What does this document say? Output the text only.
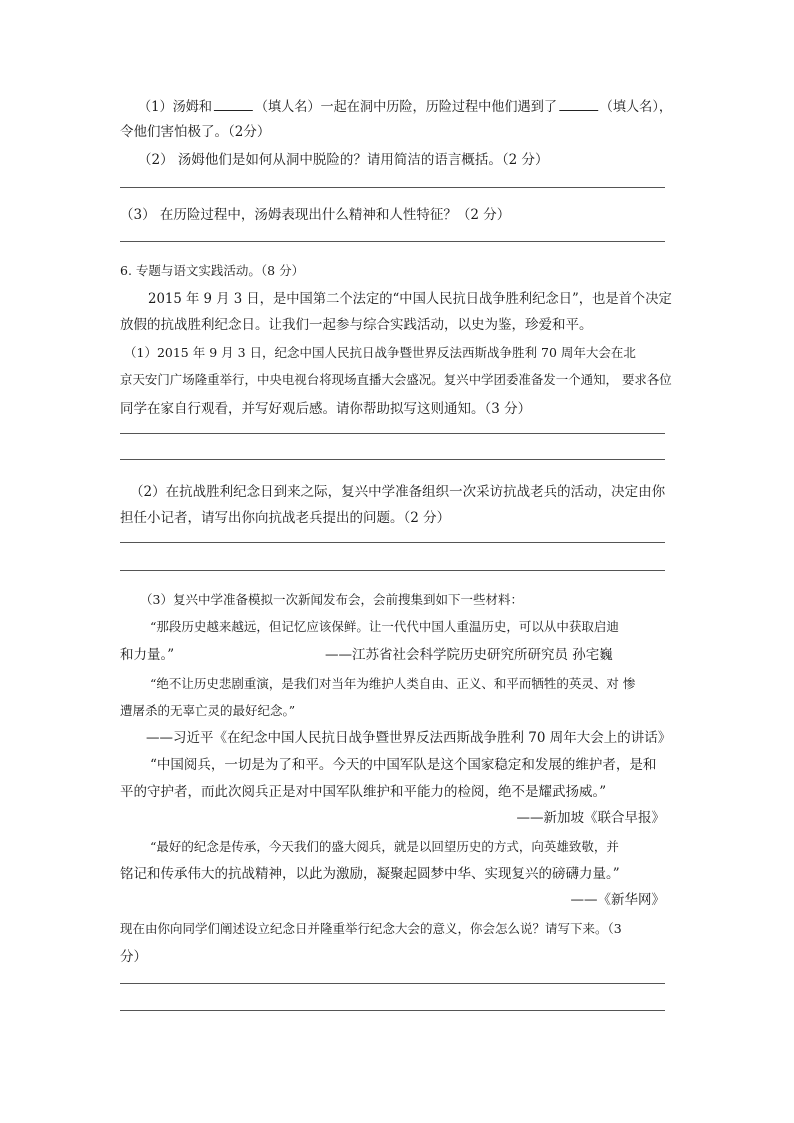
（1）汤姆和	（填人名）一起在洞中历险，历险过程中他们遇到了	（填人名），
令他们害怕极了。（2分）
（2） 汤姆他们是如何从洞中脱险的？请用简洁的语言概括。（2 分）
（3） 在历险过程中，汤姆表现出什么精神和人性特征？（2 分）
6. 专题与语文实践活动。（8 分）
2015 年 9 月 3 日，是中国第二个法定的“中国人民抗日战争胜利纪念日”，也是首个决定
放假的抗战胜利纪念日。让我们一起参与综合实践活动，以史为鉴，珍爱和平。
（1）2015 年 9 月 3 日，纪念中国人民抗日战争暨世界反法西斯战争胜利 70 周年大会在北
京天安门广场隆重举行，中央电视台将现场直播大会盛况。复兴中学团委准备发一个通知， 要求各位
同学在家自行观看，并写好观后感。请你帮助拟写这则通知。（3 分）
（2）在抗战胜利纪念日到来之际，复兴中学准备组织一次采访抗战老兵的活动，决定由你
担任小记者，请写出你向抗战老兵提出的问题。（2 分）
（3）复兴中学准备模拟一次新闻发布会，会前搜集到如下一些材料：
“那段历史越来越远，但记忆应该保鲜。让一代代中国人重温历史，可以从中获取启迪
和力量。”	——江苏省社会科学院历史研究所研究员 孙宅巍
“绝不让历史悲剧重演，是我们对当年为维护人类自由、正义、和平而牺牲的英灵、对 惨
遭屠杀的无辜亡灵的最好纪念。”
——习近平《在纪念中国人民抗日战争暨世界反法西斯战争胜利 70 周年大会上的讲话》
“中国阅兵，一切是为了和平。今天的中国军队是这个国家稳定和发展的维护者，是和
平的守护者，而此次阅兵正是对中国军队维护和平能力的检阅，绝不是耀武扬威。”
——新加坡《联合早报》
“最好的纪念是传承，今天我们的盛大阅兵，就是以回望历史的方式，向英雄致敬，并
铭记和传承伟大的抗战精神，以此为激励，凝聚起圆梦中华、实现复兴的磅礴力量。”
——《新华网》
现在由你向同学们阐述设立纪念日并隆重举行纪念大会的意义，你会怎么说？请写下来。（3
分）
